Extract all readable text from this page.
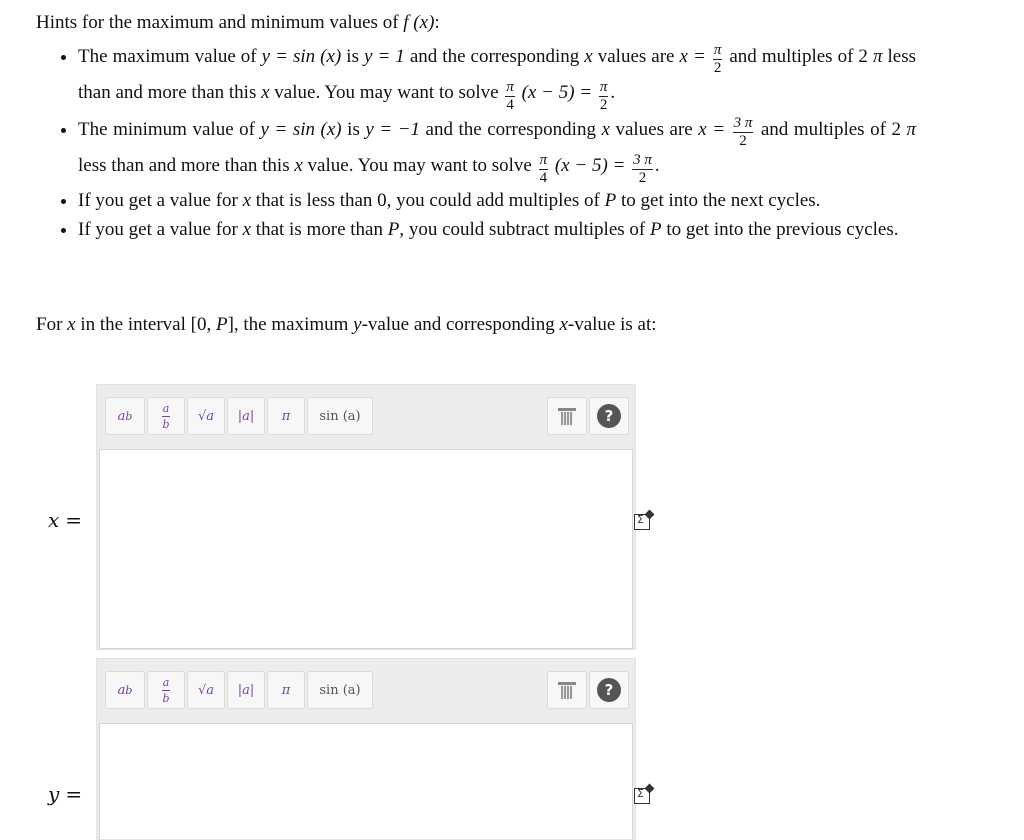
Hints for the maximum and minimum values of f (x):
• The maximum value of y = sin (x) is y = 1 and the corresponding x values are $x = \frac{\pi}{2}$ and multiples of 2 π less than and more than this x value. You may want to solve $\frac{\pi}{4} (x - 5) = \frac{\pi}{2}$ .
• The minimum value of y = sin (x) is y = −1 and the corresponding x values are $x = \frac{3 \pi}{2}$ and multiples of 2 π less than and more than this x value. You may want to solve $\frac{\pi}{4} (x - 5) = \frac{3 \pi}{2}$ .
• If you get a value for x that is less than 0, you could add multiples of P to get into the next cycles.
• If you get a value for x that is more than P, you could subtract multiples of P to get into the previous cycles.
For x in the interval [0, P], the maximum y-value and corresponding x-value is at:
x =
a b	$\frac{a}{b} √a$ |a| π sin (a)	?
Σ
y =
a b	$\frac{a}{b} √a$ |a| π sin (a)	?
Σ
